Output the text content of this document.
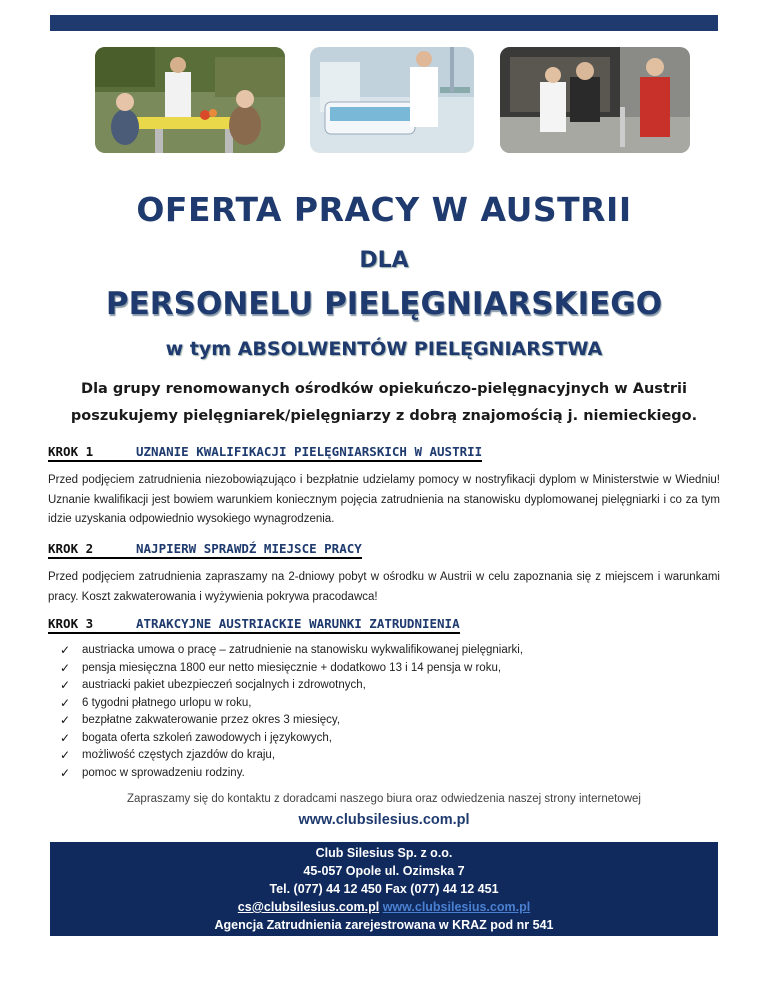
OFERTA PRACY W AUSTRII
DLA
PERSONELU PIELĘGNIARSKIEGO
w tym ABSOLWENTÓW PIELĘGNIARSTWA
Dla grupy renomowanych ośrodków opiekuńczo-pielęgnacyjnych w Austrii
poszukujemy pielęgniarek/pielęgniarzy z dobrą znajomością j. niemieckiego.
KROK 1	UZNANIE KWALIFIKACJI PIELĘGNIARSKICH W AUSTRII
Przed podjęciem zatrudnienia niezobowiązująco i bezpłatnie udzielamy pomocy w nostryfikacji dyplom w Ministerstwie w Wiedniu! Uznanie kwalifikacji jest bowiem warunkiem koniecznym pojęcia zatrudnienia na stanowisku dyplomowanej pielęgniarki i co za tym idzie uzyskania odpowiednio wysokiego wynagrodzenia.
KROK 2	NAJPIERW SPRAWDŹ MIEJSCE PRACY
Przed podjęciem zatrudnienia zapraszamy na 2-dniowy pobyt w ośrodku w Austrii w celu zapoznania się z miejscem i warunkami pracy. Koszt zakwaterowania i wyżywienia pokrywa pracodawca!
KROK 3	ATRAKCYJNE AUSTRIACKIE WARUNKI ZATRUDNIENIA
✓	austriacka umowa o pracę – zatrudnienie na stanowisku wykwalifikowanej pielęgniarki,
✓	pensja miesięczna 1800 eur netto miesięcznie + dodatkowo 13 i 14 pensja w roku,
✓	austriacki pakiet ubezpieczeń socjalnych i zdrowotnych,
✓	6 tygodni płatnego urlopu w roku,
✓	bezpłatne zakwaterowanie przez okres 3 miesięcy,
✓	bogata oferta szkoleń zawodowych i językowych,
✓	możliwość częstych zjazdów do kraju,
✓	pomoc w sprowadzeniu rodziny.
Zapraszamy się do kontaktu z doradcami naszego biura oraz odwiedzenia naszej strony internetowej
www.clubsilesius.com.pl
Club Silesius Sp. z o.o.
45-057 Opole ul. Ozimska 7
Tel. (077) 44 12 450 Fax (077) 44 12 451
cs@clubsilesius.com.pl www.clubsilesius.com.pl
Agencja Zatrudnienia zarejestrowana w KRAZ pod nr 541
